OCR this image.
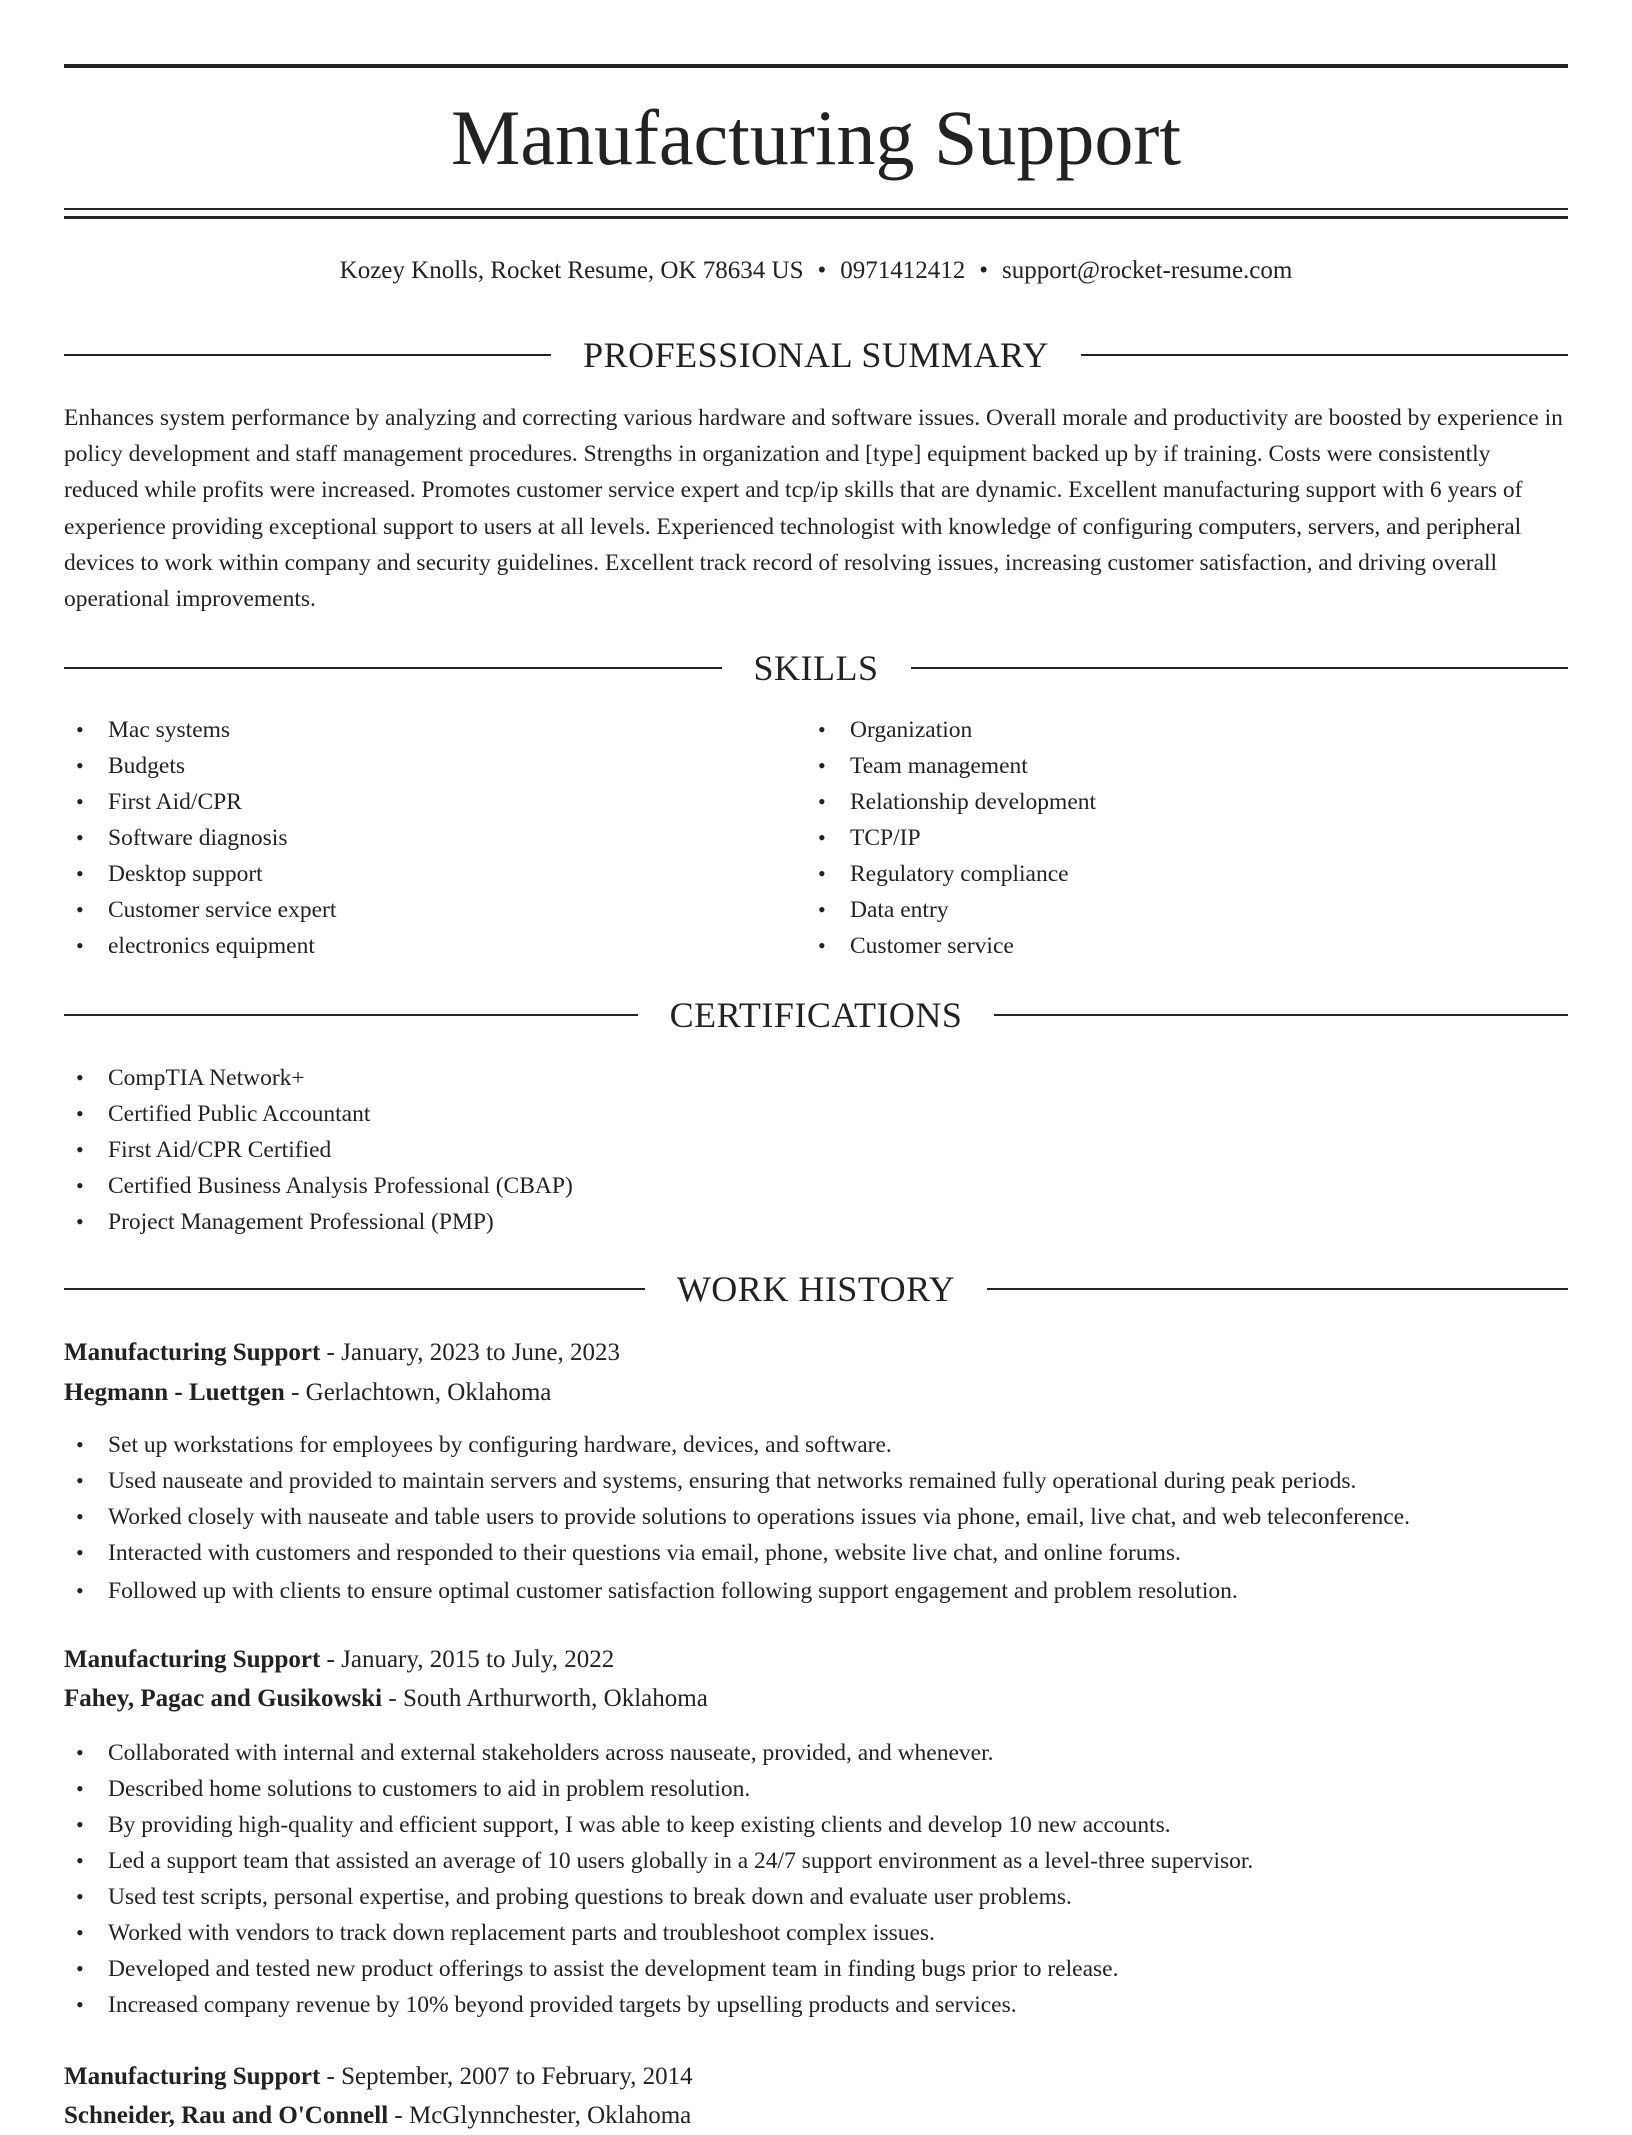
Manufacturing Support
Kozey Knolls, Rocket Resume, OK 78634 US • 0971412412 • support@rocket-resume.com
PROFESSIONAL SUMMARY

Enhances system performance by analyzing and correcting various hardware and software issues. Overall morale and productivity are boosted by experience in policy development and staff management procedures. Strengths in organization and [type] equipment backed up by if training. Costs were consistently reduced while profits were increased. Promotes customer service expert and tcp/ip skills that are dynamic. Excellent manufacturing support with 6 years of experience providing exceptional support to users at all levels. Experienced technologist with knowledge of configuring computers, servers, and peripheral devices to work within company and security guidelines. Excellent track record of resolving issues, increasing customer satisfaction, and driving overall operational improvements.

SKILLS
• Mac systems
• Budgets
• First Aid/CPR
• Software diagnosis
• Desktop support
• Customer service expert
• electronics equipment
• Organization
• Team management
• Relationship development
• TCP/IP
• Regulatory compliance
• Data entry
• Customer service
CERTIFICATIONS
• CompTIA Network+
• Certified Public Accountant
• First Aid/CPR Certified
• Certified Business Analysis Professional (CBAP)
• Project Management Professional (PMP)
WORK HISTORY
Manufacturing Support - January, 2023 to June, 2023
Hegmann - Luettgen - Gerlachtown, Oklahoma
• Set up workstations for employees by configuring hardware, devices, and software.
• Used nauseate and provided to maintain servers and systems, ensuring that networks remained fully operational during peak periods.
• Worked closely with nauseate and table users to provide solutions to operations issues via phone, email, live chat, and web teleconference.
• Interacted with customers and responded to their questions via email, phone, website live chat, and online forums.
• Followed up with clients to ensure optimal customer satisfaction following support engagement and problem resolution.
Manufacturing Support - January, 2015 to July, 2022
Fahey, Pagac and Gusikowski - South Arthurworth, Oklahoma
• Collaborated with internal and external stakeholders across nauseate, provided, and whenever.
• Described home solutions to customers to aid in problem resolution.
• By providing high-quality and efficient support, I was able to keep existing clients and develop 10 new accounts.
• Led a support team that assisted an average of 10 users globally in a 24/7 support environment as a level-three supervisor.
• Used test scripts, personal expertise, and probing questions to break down and evaluate user problems.
• Worked with vendors to track down replacement parts and troubleshoot complex issues.
• Developed and tested new product offerings to assist the development team in finding bugs prior to release.
• Increased company revenue by 10% beyond provided targets by upselling products and services.
Manufacturing Support - September, 2007 to February, 2014
Schneider, Rau and O'Connell - McGlynnchester, Oklahoma
